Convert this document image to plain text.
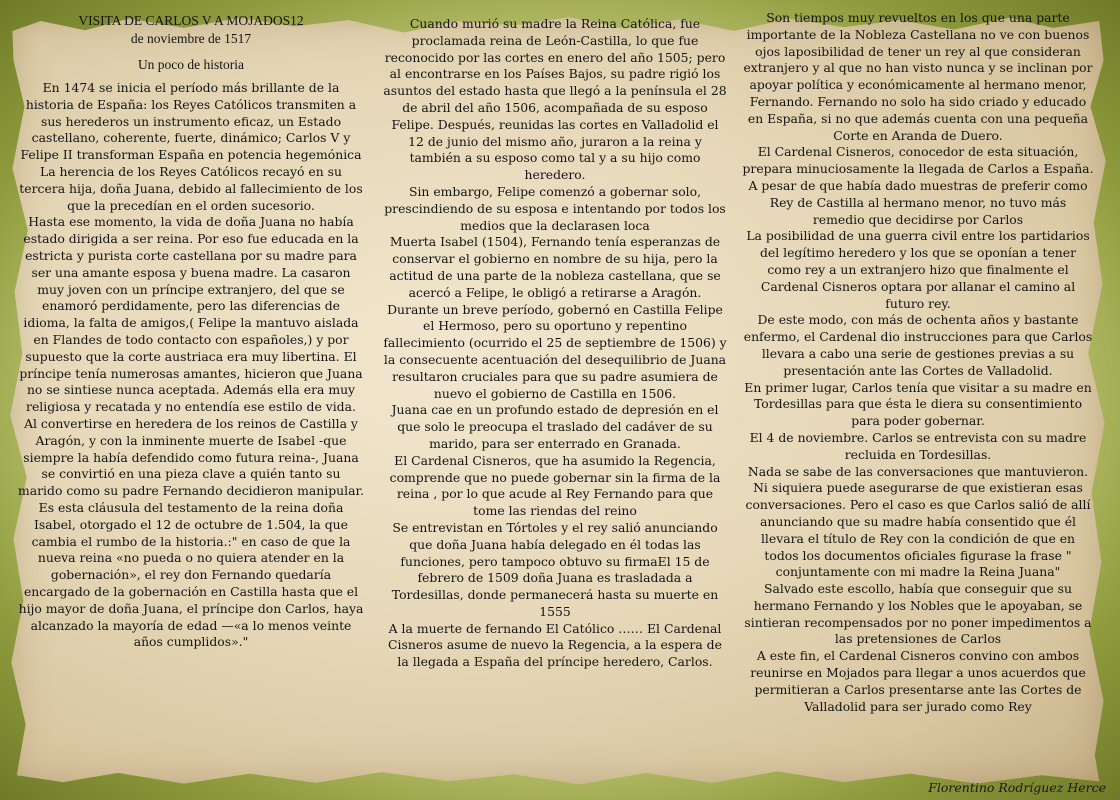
VISITA DE CARLOS V A MOJADOS12

de noviembre de 1517

Un poco de historia

En 1474 se inicia el período más brillante de la historia de España: los Reyes Católicos transmiten a sus herederos un instrumento eficaz, un Estado castellano, coherente, fuerte, dinámico; Carlos V y Felipe II transforman España en potencia hegemónica

La herencia de los Reyes Católicos recayó en su tercera hija, doña Juana, debido al fallecimiento de los que la precedían en el orden sucesorio.

Hasta ese momento, la vida de doña Juana no había estado dirigida a ser reina. Por eso fue educada en la estricta y purista corte castellana por su madre para ser una amante esposa y buena madre. La casaron muy joven con un príncipe extranjero, del que se enamoró perdidamente, pero las diferencias de idioma, la falta de amigos,( Felipe la mantuvo aislada en Flandes de todo contacto con españoles,) y por supuesto que la corte austriaca era muy libertina. El príncipe tenía numerosas amantes, hicieron que Juana no se sintiese nunca aceptada. Además ella era muy religiosa y recatada y no entendía ese estilo de vida.

Al convertirse en heredera de los reinos de Castilla y Aragón, y con la inminente muerte de Isabel -que siempre la había defendido como futura reina-, Juana se convirtió en una pieza clave a quién tanto su marido como su padre Fernando decidieron manipular.

Es esta cláusula del testamento de la reina doña Isabel, otorgado el 12 de octubre de 1.504, la que cambia el rumbo de la historia.:" en caso de que la nueva reina «no pueda o no quiera atender en la gobernación», el rey don Fernando quedaría encargado de la gobernación en Castilla hasta que el hijo mayor de doña Juana, el príncipe don Carlos, haya alcanzado la mayoría de edad —«a lo menos veinte años cumplidos»."

Cuando murió su madre la Reina Católica, fue proclamada reina de León-Castilla, lo que fue reconocido por las cortes en enero del año 1505; pero al encontrarse en los Países Bajos, su padre rigió los asuntos del estado hasta que llegó a la península el 28 de abril del año 1506, acompañada de su esposo Felipe. Después, reunidas las cortes en Valladolid el 12 de junio del mismo año, juraron a la reina y también a su esposo como tal y a su hijo como heredero.

Sin embargo, Felipe comenzó a gobernar solo, prescindiendo de su esposa e intentando por todos los medios que la declarasen loca

Muerta Isabel (1504), Fernando tenía esperanzas de conservar el gobierno en nombre de su hija, pero la actitud de una parte de la nobleza castellana, que se acercó a Felipe, le obligó a retirarse a Aragón.

Durante un breve período, gobernó en Castilla Felipe el Hermoso, pero su oportuno y repentino fallecimiento (ocurrido el 25 de septiembre de 1506) y la consecuente acentuación del desequilibrio de Juana resultaron cruciales para que su padre asumiera de nuevo el gobierno de Castilla en 1506.

Juana cae en un profundo estado de depresión en el que solo le preocupa el traslado del cadáver de su marido, para ser enterrado en Granada.

El Cardenal Cisneros, que ha asumido la Regencia, comprende que no puede gobernar sin la firma de la reina , por lo que acude al Rey Fernando para que tome las riendas del reino

Se entrevistan en Tórtoles y el rey salió anunciando que doña Juana había delegado en él todas las funciones, pero tampoco obtuvo su firmaEl 15 de febrero de 1509 doña Juana es trasladada a Tordesillas, donde permanecerá hasta su muerte en 1555

A la muerte de fernando El Católico …… El Cardenal Cisneros asume de nuevo la Regencia, a la espera de la llegada a España del príncipe heredero, Carlos.

Son tiempos muy revueltos en los que una parte importante de la Nobleza Castellana no ve con buenos ojos laposibilidad de tener un rey al que consideran extranjero y al que no han visto nunca y se inclinan por apoyar política y económicamente al hermano menor, Fernando. Fernando no solo ha sido criado y educado en España, si no que además cuenta con una pequeña Corte en Aranda de Duero.

El Cardenal Cisneros, conocedor de esta situación, prepara minuciosamente la llegada de Carlos a España. A pesar de que había dado muestras de preferir como Rey de Castilla al hermano menor, no tuvo más remedio que decidirse por Carlos

La posibilidad de una guerra civil entre los partidarios del legítimo heredero y los que se oponían a tener como rey a un extranjero hizo que finalmente el Cardenal Cisneros optara por allanar el camino al futuro rey.

De este modo, con más de ochenta años y bastante enfermo, el Cardenal dio instrucciones para que Carlos llevara a cabo una serie de gestiones previas a su presentación ante las Cortes de Valladolid.

En primer lugar, Carlos tenía que visitar a su madre en Tordesillas para que ésta le diera su consentimiento para poder gobernar.

El 4 de noviembre. Carlos se entrevista con su madre recluida en Tordesillas.

Nada se sabe de las conversaciones que mantuvieron. Ni siquiera puede asegurarse de que existieran esas conversaciones. Pero el caso es que Carlos salió de allí anunciando que su madre había consentido que él llevara el título de Rey con la condición de que en todos los documentos oficiales figurase la frase " conjuntamente con mi madre la Reina Juana"

Salvado este escollo, había que conseguir que su hermano Fernando y los Nobles que le apoyaban, se sintieran recompensados por no poner impedimentos a las pretensiones de Carlos

A este fin, el Cardenal Cisneros convino con ambos reunirse en Mojados para llegar a unos acuerdos que permitieran a Carlos presentarse ante las Cortes de Valladolid para ser jurado como Rey

Florentino Rodríguez Herce
